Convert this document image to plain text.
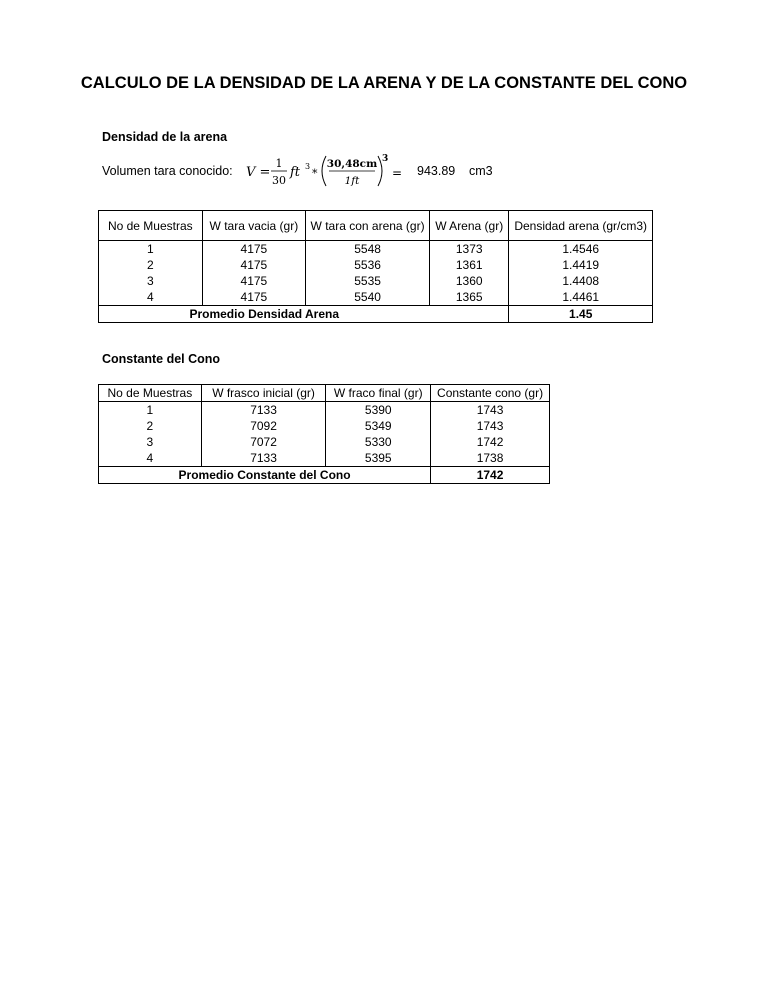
CALCULO DE LA DENSIDAD DE LA ARENA Y DE LA CONSTANTE DEL CONO
Densidad de la arena
Volumen tara conocido: V =
1
30
ft 3
*
30,48cm
1ft
3
= 943.89 cm3
No de Muestras	W tara vacia (gr)	W tara con arena (gr)	W Arena (gr)	Densidad arena (gr/cm3)
1	4175	5548	1373	1.4546
2	4175	5536	1361	1.4419
3	4175	5535	1360	1.4408
4	4175	5540	1365	1.4461
Promedio Densidad Arena				1.45
Constante del Cono
No de Muestras	W frasco inicial (gr)	W fraco final (gr)	Constante cono (gr)
1	7133	5390	1743
2	7092	5349	1743
3	7072	5330	1742
4	7133	5395	1738
Promedio Constante del Cono			1742
